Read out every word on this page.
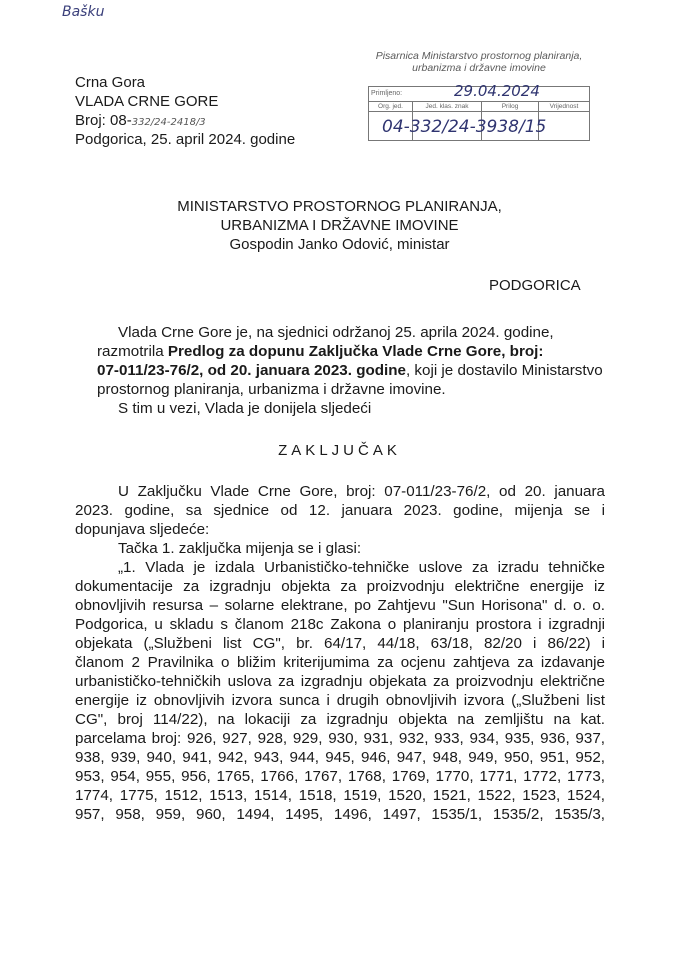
Bašku
Crna Gora
VLADA CRNE GORE
Broj: 08-332/24-2418/3
Podgorica, 25. april 2024. godine
Pisarnica Ministarstvo prostornog planiranja,
urbanizma i državne imovine
Primljeno:	29.04.2024
Org. jed.	Jed. klas. znak	Prilog	Vrijednost
04-332/24-3938/15
MINISTARSTVO PROSTORNOG PLANIRANJA,
URBANIZMA I DRŽAVNE IMOVINE
Gospodin Janko Odović, ministar
PODGORICA
Vlada Crne Gore je, na sjednici održanoj 25. aprila 2024. godine,
razmotrila Predlog za dopunu Zaključka Vlade Crne Gore, broj:
07-011/23-76/2, od 20. januara 2023. godine, koji je dostavilo Ministarstvo
prostornog planiranja, urbanizma i državne imovine.
S tim u vezi, Vlada je donijela sljedeći
ZAKLJUČAK
U Zaključku Vlade Crne Gore, broj: 07-011/23-76/2, od 20. januara
2023. godine, sa sjednice od 12. januara 2023. godine, mijenja se i
dopunjava sljedeće:
Tačka 1. zaključka mijenja se i glasi:
„1. Vlada je izdala Urbanističko-tehničke uslove za izradu tehničke
dokumentacije za izgradnju objekta za proizvodnju električne energije iz
obnovljivih resursa – solarne elektrane, po Zahtjevu "Sun Horisona" d. o. o.
Podgorica, u skladu s članom 218c Zakona o planiranju prostora i izgradnji
objekata („Službeni list CG", br. 64/17, 44/18, 63/18, 82/20 i 86/22) i
članom 2 Pravilnika o bližim kriterijumima za ocjenu zahtjeva za izdavanje
urbanističko-tehničkih uslova za izgradnju objekata za proizvodnju električne
energije iz obnovljivih izvora sunca i drugih obnovljivih izvora („Službeni list
CG", broj 114/22), na lokaciji za izgradnju objekta na zemljištu na kat.
parcelama broj: 926, 927, 928, 929, 930, 931, 932, 933, 934, 935, 936, 937,
938, 939, 940, 941, 942, 943, 944, 945, 946, 947, 948, 949, 950, 951, 952,
953, 954, 955, 956, 1765, 1766, 1767, 1768, 1769, 1770, 1771, 1772, 1773,
1774, 1775, 1512, 1513, 1514, 1518, 1519, 1520, 1521, 1522, 1523, 1524,
957, 958, 959, 960, 1494, 1495, 1496, 1497, 1535/1, 1535/2, 1535/3,
